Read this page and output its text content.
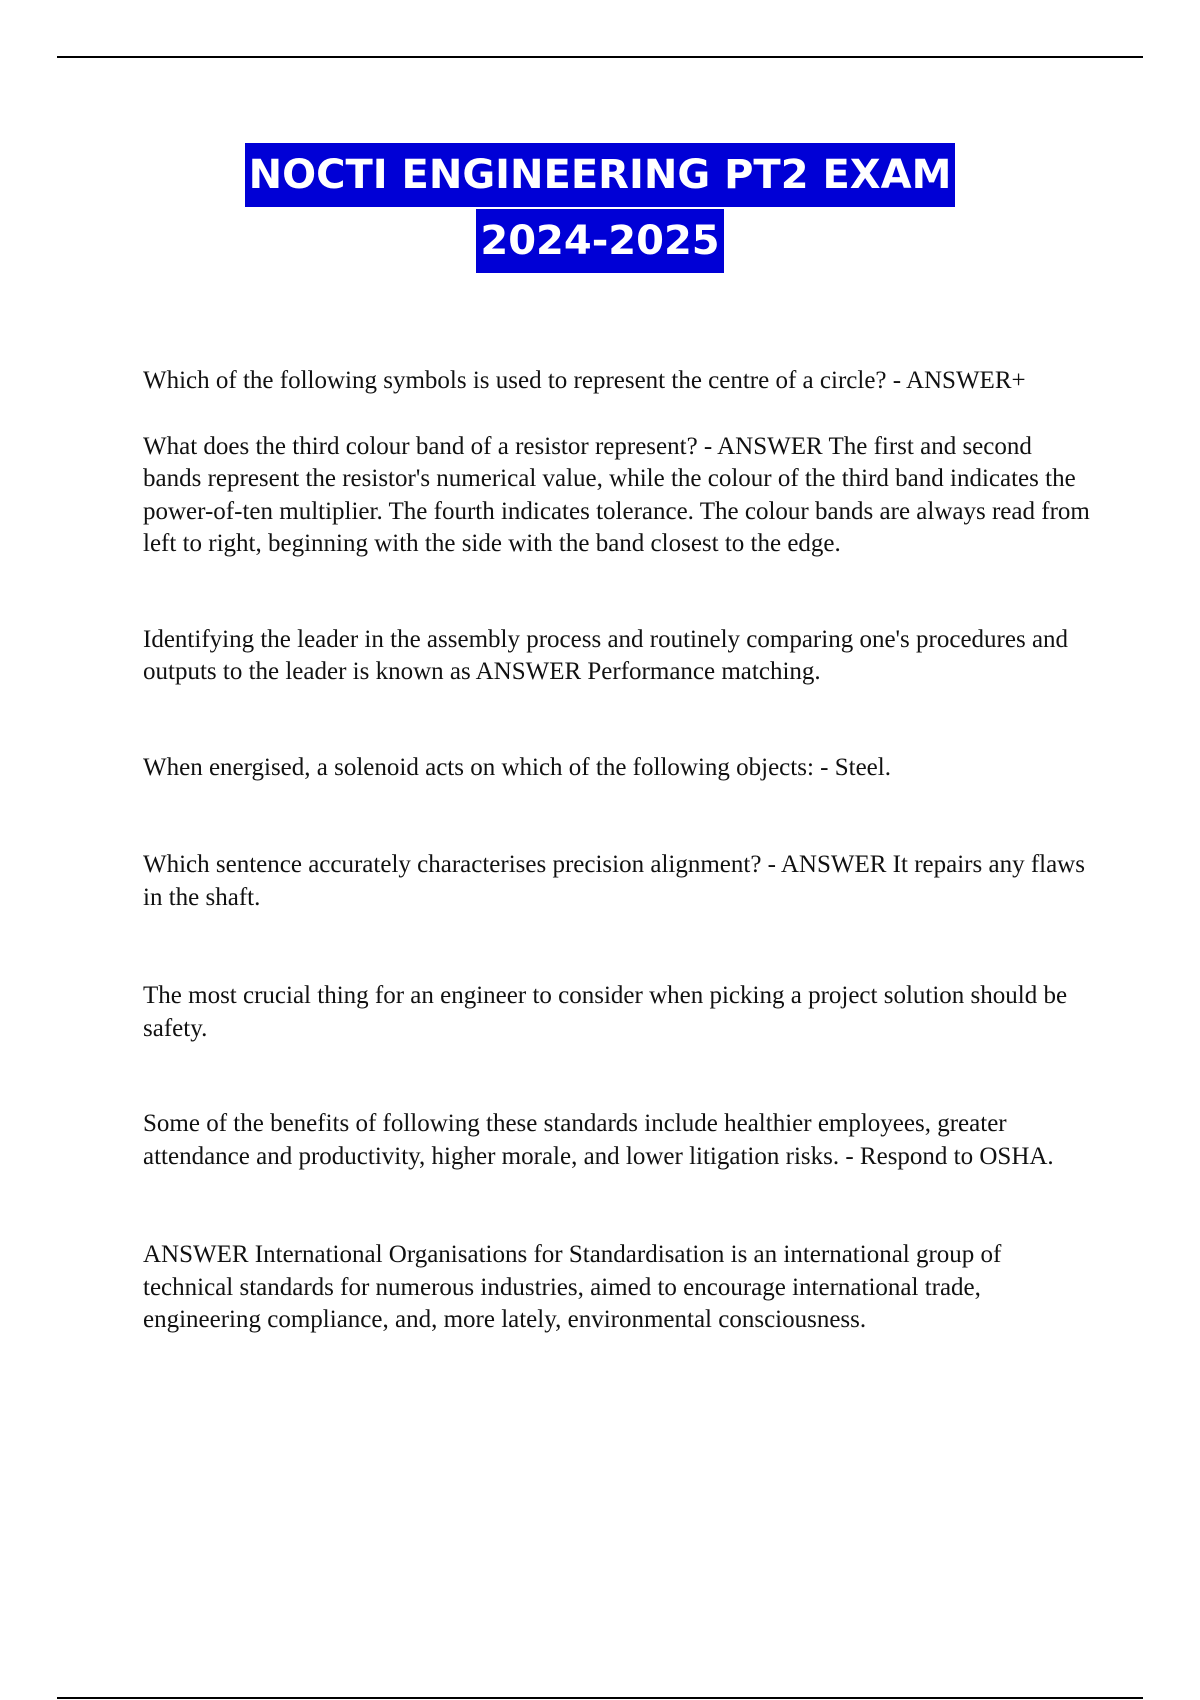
NOCTI ENGINEERING PT2 EXAM
2024-2025

Which of the following symbols is used to represent the centre of a circle? - ANSWER+

What does the third colour band of a resistor represent? - ANSWER The first and second bands represent the resistor's numerical value, while the colour of the third band indicates the power-of-ten multiplier. The fourth indicates tolerance. The colour bands are always read from left to right, beginning with the side with the band closest to the edge.

Identifying the leader in the assembly process and routinely comparing one's procedures and outputs to the leader is known as ANSWER Performance matching.

When energised, a solenoid acts on which of the following objects: - Steel.

Which sentence accurately characterises precision alignment? - ANSWER It repairs any flaws in the shaft.

The most crucial thing for an engineer to consider when picking a project solution should be safety.

Some of the benefits of following these standards include healthier employees, greater attendance and productivity, higher morale, and lower litigation risks. - Respond to OSHA.

ANSWER International Organisations for Standardisation is an international group of technical standards for numerous industries, aimed to encourage international trade, engineering compliance, and, more lately, environmental consciousness.
